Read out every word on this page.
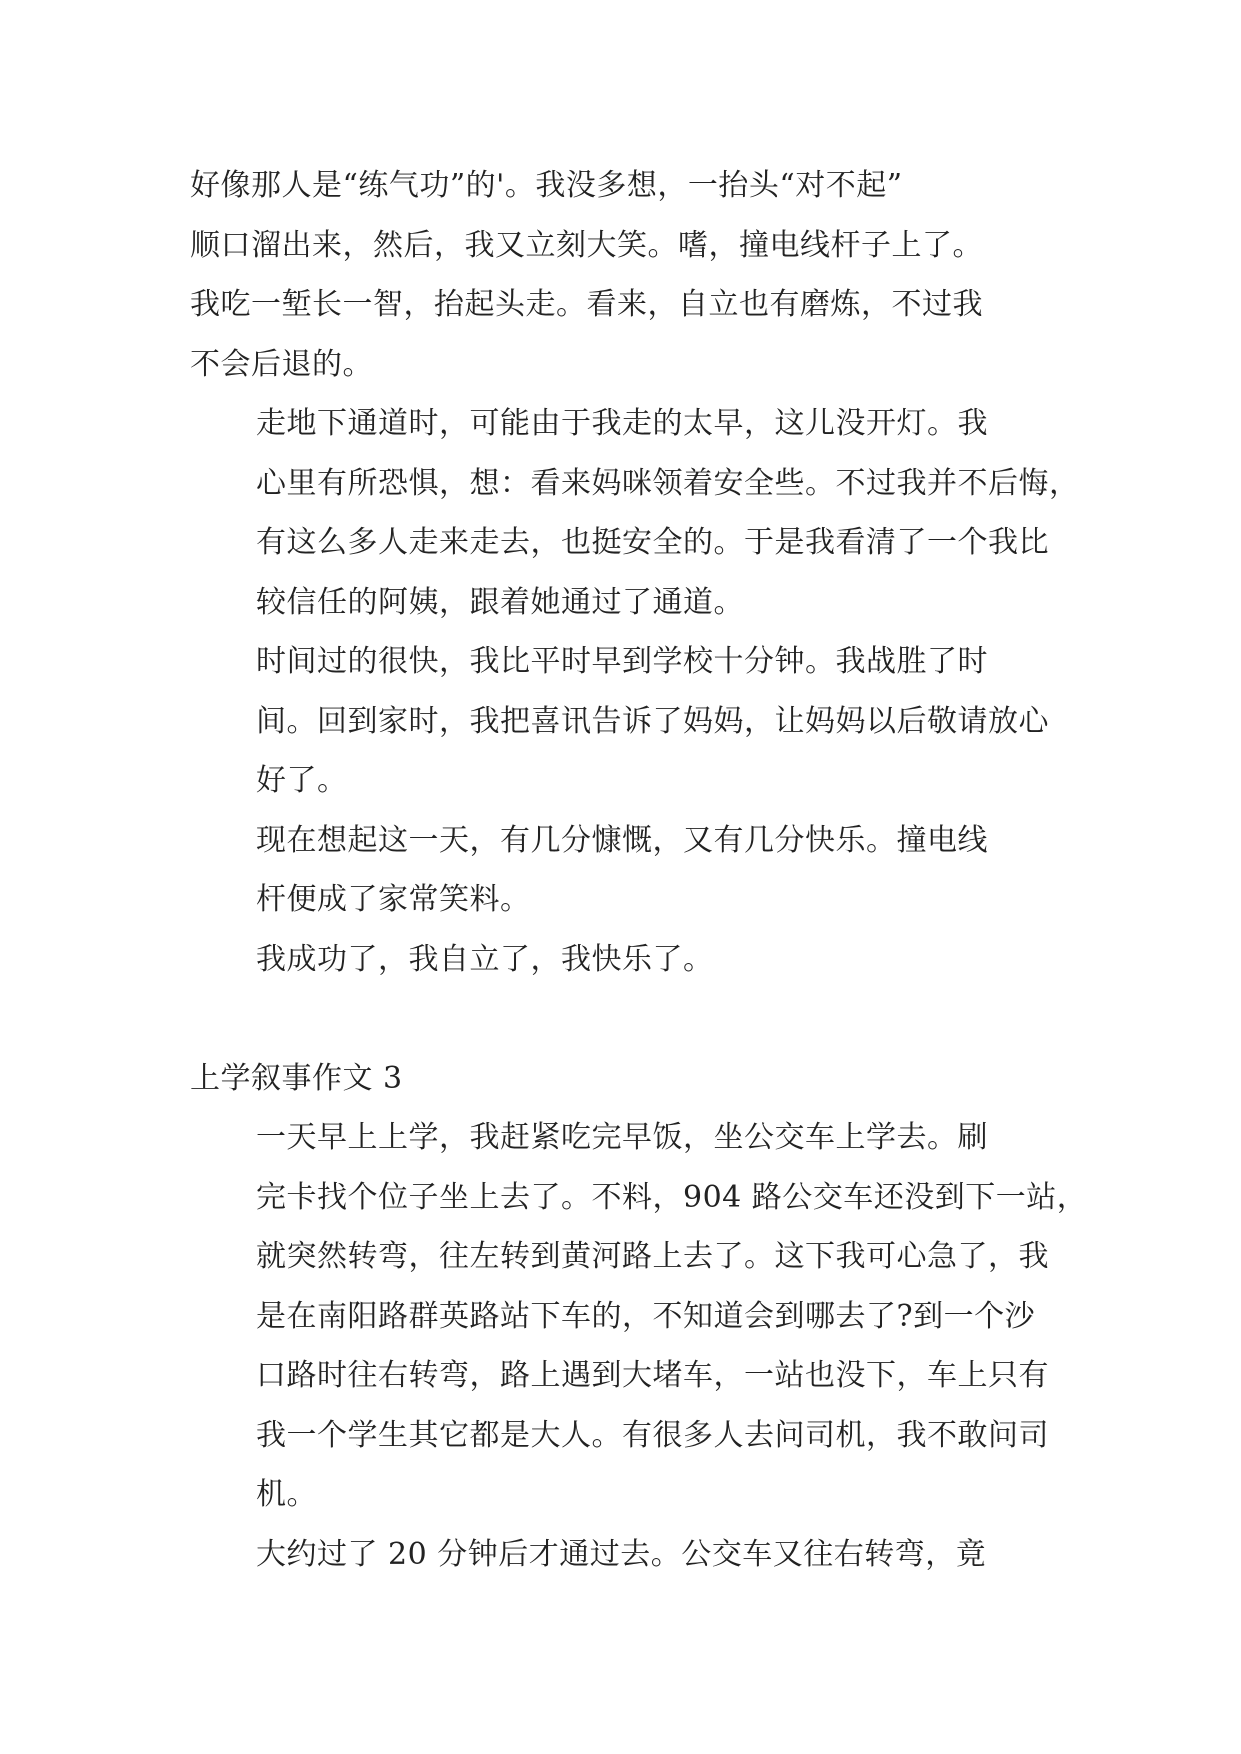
好像那人是“练气功”的'。我没多想，一抬头“对不起”
顺口溜出来，然后，我又立刻大笑。嗜，撞电线杆子上了。
我吃一堑长一智，抬起头走。看来，自立也有磨炼，不过我
不会后退的。

走地下通道时，可能由于我走的太早，这儿没开灯。我
心里有所恐惧，想：看来妈咪领着安全些。不过我并不后悔，
有这么多人走来走去，也挺安全的。于是我看清了一个我比
较信任的阿姨，跟着她通过了通道。

时间过的很快，我比平时早到学校十分钟。我战胜了时
间。回到家时，我把喜讯告诉了妈妈，让妈妈以后敬请放心
好了。

现在想起这一天，有几分慷慨，又有几分快乐。撞电线
杆便成了家常笑料。

我成功了，我自立了，我快乐了。

上学叙事作文 3

一天早上上学，我赶紧吃完早饭，坐公交车上学去。刷
完卡找个位子坐上去了。不料，904 路公交车还没到下一站，
就突然转弯，往左转到黄河路上去了。这下我可心急了，我
是在南阳路群英路站下车的，不知道会到哪去了?到一个沙
口路时往右转弯，路上遇到大堵车，一站也没下，车上只有
我一个学生其它都是大人。有很多人去问司机，我不敢问司
机。

大约过了 20 分钟后才通过去。公交车又往右转弯，竟
